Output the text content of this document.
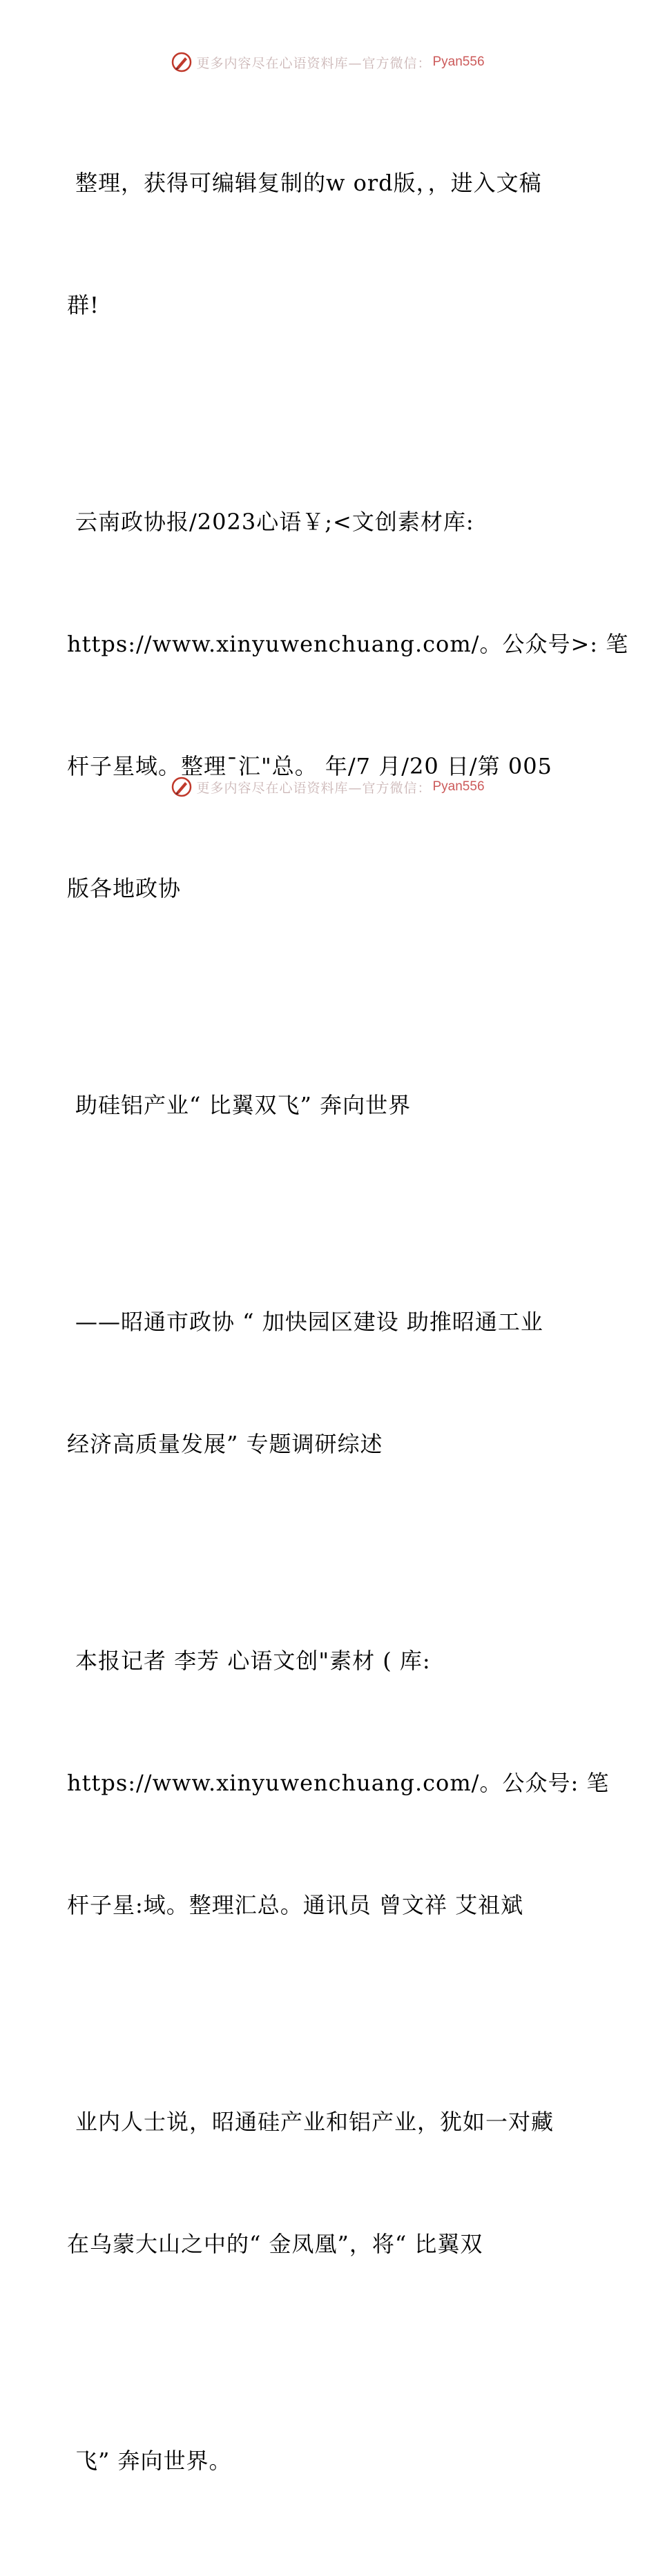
更多内容尽在心语资料库—官方微信： Pyan556

整理，获得可编辑复制的w ord版，，进入文稿

群!

云南政协报/2023心语￥;<文创素材库:

https://www.xinyuwenchuang.com/。公众号>: 笔

杆子星域。整理¯汇"总。 年/7 月/20 日/第 005

版各地政协

助硅铝产业“ 比翼双飞” 奔向世界

——昭通市政协 “ 加快园区建设 助推昭通工业

经济高质量发展” 专题调研综述

本报记者 李芳 心语文创"素材 ( 库:

https://www.xinyuwenchuang.com/。公众号: 笔

杆子星:域。整理汇总。通讯员 曾文祥 艾祖斌

业内人士说，昭通硅产业和铝产业，犹如一对藏

在乌蒙大山之中的“ 金凤凰”，将“ 比翼双

飞” 奔向世界。

更多内容尽在心语资料库—官方微信： Pyan556
